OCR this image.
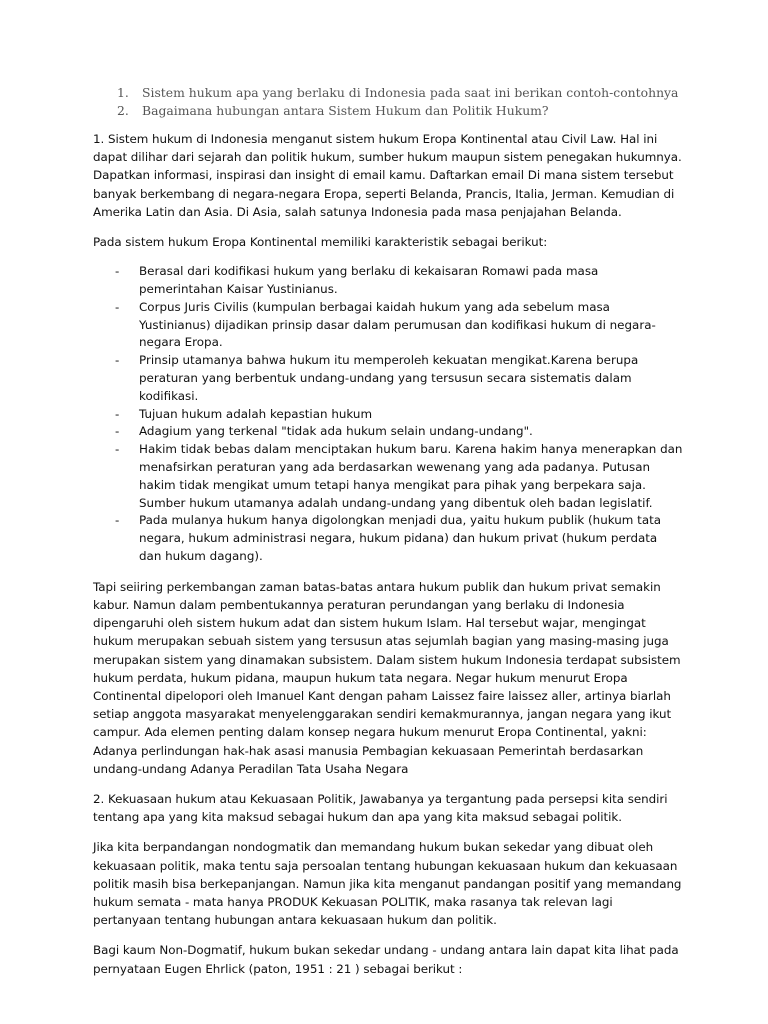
1.	Sistem hukum apa yang berlaku di Indonesia pada saat ini berikan contoh-contohnya
2.	Bagaimana hubungan antara Sistem Hukum dan Politik Hukum?

1. Sistem hukum di Indonesia menganut sistem hukum Eropa Kontinental atau Civil Law. Hal ini dapat dilihar dari sejarah dan politik hukum, sumber hukum maupun sistem penegakan hukumnya. Dapatkan informasi, inspirasi dan insight di email kamu. Daftarkan email Di mana sistem tersebut banyak berkembang di negara-negara Eropa, seperti Belanda, Prancis, Italia, Jerman. Kemudian di Amerika Latin dan Asia. Di Asia, salah satunya Indonesia pada masa penjajahan Belanda.

Pada sistem hukum Eropa Kontinental memiliki karakteristik sebagai berikut:

-	Berasal dari kodifikasi hukum yang berlaku di kekaisaran Romawi pada masa pemerintahan Kaisar Yustinianus.
-	Corpus Juris Civilis (kumpulan berbagai kaidah hukum yang ada sebelum masa Yustinianus) dijadikan prinsip dasar dalam perumusan dan kodifikasi hukum di negara-negara Eropa.
-	Prinsip utamanya bahwa hukum itu memperoleh kekuatan mengikat.Karena berupa peraturan yang berbentuk undang-undang yang tersusun secara sistematis dalam kodifikasi.
-	Tujuan hukum adalah kepastian hukum
-	Adagium yang terkenal "tidak ada hukum selain undang-undang".
-	Hakim tidak bebas dalam menciptakan hukum baru. Karena hakim hanya menerapkan dan menafsirkan peraturan yang ada berdasarkan wewenang yang ada padanya. Putusan hakim tidak mengikat umum tetapi hanya mengikat para pihak yang berpekara saja. Sumber hukum utamanya adalah undang-undang yang dibentuk oleh badan legislatif.
-	Pada mulanya hukum hanya digolongkan menjadi dua, yaitu hukum publik (hukum tata negara, hukum administrasi negara, hukum pidana) dan hukum privat (hukum perdata dan hukum dagang).

Tapi seiiring perkembangan zaman batas-batas antara hukum publik dan hukum privat semakin kabur. Namun dalam pembentukannya peraturan perundangan yang berlaku di Indonesia dipengaruhi oleh sistem hukum adat dan sistem hukum Islam. Hal tersebut wajar, mengingat hukum merupakan sebuah sistem yang tersusun atas sejumlah bagian yang masing-masing juga merupakan sistem yang dinamakan subsistem. Dalam sistem hukum Indonesia terdapat subsistem hukum perdata, hukum pidana, maupun hukum tata negara. Negar hukum menurut Eropa Continental dipelopori oleh Imanuel Kant dengan paham Laissez faire laissez aller, artinya biarlah setiap anggota masyarakat menyelenggarakan sendiri kemakmurannya, jangan negara yang ikut campur. Ada elemen penting dalam konsep negara hukum menurut Eropa Continental, yakni: Adanya perlindungan hak-hak asasi manusia Pembagian kekuasaan Pemerintah berdasarkan undang-undang Adanya Peradilan Tata Usaha Negara

2. Kekuasaan hukum atau Kekuasaan Politik, Jawabanya ya tergantung pada persepsi kita sendiri tentang apa yang kita maksud sebagai hukum dan apa yang kita maksud sebagai politik.

Jika kita berpandangan nondogmatik dan memandang hukum bukan sekedar yang dibuat oleh kekuasaan politik, maka tentu saja persoalan tentang hubungan kekuasaan hukum dan kekuasaan politik masih bisa berkepanjangan. Namun jika kita menganut pandangan positif yang memandang hukum semata - mata hanya PRODUK Kekuasan POLITIK, maka rasanya tak relevan lagi pertanyaan tentang hubungan antara kekuasaan hukum dan politik.

Bagi kaum Non-Dogmatif, hukum bukan sekedar undang - undang antara lain dapat kita lihat pada pernyataan Eugen Ehrlick (paton, 1951 : 21 ) sebagai berikut :
